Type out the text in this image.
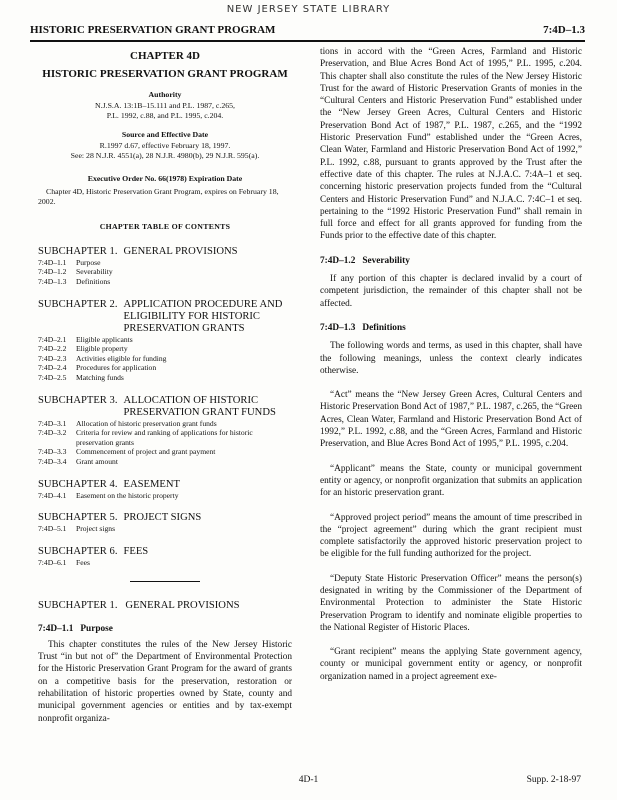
NEW JERSEY STATE LIBRARY
HISTORIC PRESERVATION GRANT PROGRAM	7:4D–1.3
CHAPTER 4D
HISTORIC PRESERVATION GRANT PROGRAM
Authority
N.J.S.A. 13:1B–15.111 and P.L. 1987, c.265,
P.L. 1992, c.88, and P.L. 1995, c.204.
Source and Effective Date
R.1997 d.67, effective February 18, 1997.
See: 28 N.J.R. 4551(a), 28 N.J.R. 4980(b), 29 N.J.R. 595(a).
Executive Order No. 66(1978) Expiration Date
Chapter 4D, Historic Preservation Grant Program, expires on February 18, 2002.
CHAPTER TABLE OF CONTENTS
SUBCHAPTER 1. GENERAL PROVISIONS
7:4D–1.1	Purpose
7:4D–1.2	Severability
7:4D–1.3	Definitions
SUBCHAPTER 2. APPLICATION PROCEDURE AND ELIGIBILITY FOR HISTORIC PRESERVATION GRANTS
7:4D–2.1	Eligible applicants
7:4D–2.2	Eligible property
7:4D–2.3	Activities eligible for funding
7:4D–2.4	Procedures for application
7:4D–2.5	Matching funds
SUBCHAPTER 3. ALLOCATION OF HISTORIC PRESERVATION GRANT FUNDS
7:4D–3.1	Allocation of historic preservation grant funds
7:4D–3.2	Criteria for review and ranking of applications for historic preservation grants
7:4D–3.3	Commencement of project and grant payment
7:4D–3.4	Grant amount
SUBCHAPTER 4. EASEMENT
7:4D–4.1	Easement on the historic property
SUBCHAPTER 5. PROJECT SIGNS
7:4D–5.1	Project signs
SUBCHAPTER 6. FEES
7:4D–6.1	Fees
SUBCHAPTER 1.   GENERAL PROVISIONS
7:4D–1.1   Purpose

This chapter constitutes the rules of the New Jersey Historic Trust “in but not of” the Department of Environmental Protection for the Historic Preservation Grant Program for the award of grants on a competitive basis for the preservation, restoration or rehabilitation of historic properties owned by State, county and municipal government agencies or entities and by tax-exempt nonprofit organiza-

tions in accord with the “Green Acres, Farmland and Historic Preservation, and Blue Acres Bond Act of 1995,” P.L. 1995, c.204. This chapter shall also constitute the rules of the New Jersey Historic Trust for the award of Historic Preservation Grants of monies in the “Cultural Centers and Historic Preservation Fund” established under the “New Jersey Green Acres, Cultural Centers and Historic Preservation Bond Act of 1987,” P.L. 1987, c.265, and the “1992 Historic Preservation Fund” established under the “Green Acres, Clean Water, Farmland and Historic Preservation Bond Act of 1992,” P.L. 1992, c.88, pursuant to grants approved by the Trust after the effective date of this chapter. The rules at N.J.A.C. 7:4A–1 et seq. concerning historic preservation projects funded from the “Cultural Centers and Historic Preservation Fund” and N.J.A.C. 7:4C–1 et seq. pertaining to the “1992 Historic Preservation Fund” shall remain in full force and effect for all grants approved for funding from the Funds prior to the effective date of this chapter.

7:4D–1.2   Severability

If any portion of this chapter is declared invalid by a court of competent jurisdiction, the remainder of this chapter shall not be affected.

7:4D–1.3   Definitions

The following words and terms, as used in this chapter, shall have the following meanings, unless the context clearly indicates otherwise.

“Act” means the “New Jersey Green Acres, Cultural Centers and Historic Preservation Bond Act of 1987,” P.L. 1987, c.265, the “Green Acres, Clean Water, Farmland and Historic Preservation Bond Act of 1992,” P.L. 1992, c.88, and the “Green Acres, Farmland and Historic Preservation, and Blue Acres Bond Act of 1995,” P.L. 1995, c.204.

“Applicant” means the State, county or municipal government entity or agency, or nonprofit organization that submits an application for an historic preservation grant.

“Approved project period” means the amount of time prescribed in the “project agreement” during which the grant recipient must complete satisfactorily the approved historic preservation project to be eligible for the full funding authorized for the project.

“Deputy State Historic Preservation Officer” means the person(s) designated in writing by the Commissioner of the Department of Environmental Protection to administer the State Historic Preservation Program to identify and nominate eligible properties to the National Register of Historic Places.

“Grant recipient” means the applying State government agency, county or municipal government entity or agency, or nonprofit organization named in a project agreement exe-

4D-1	Supp. 2-18-97
